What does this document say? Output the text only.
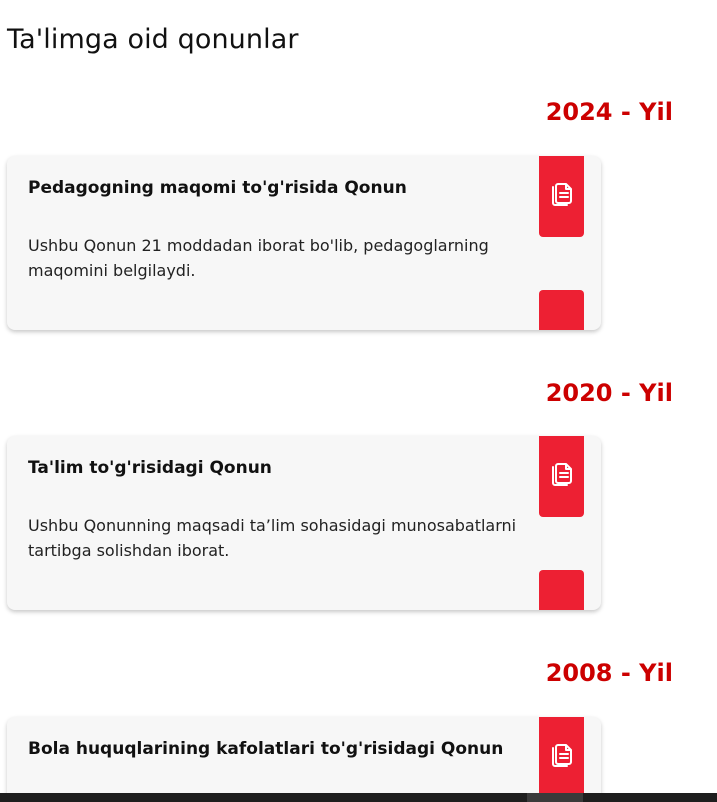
Ta'limga oid qonunlar
2024 - Yil
Pedagogning maqomi to'g'risida Qonun
Ushbu Qonun 21 moddadan iborat bo'lib, pedagoglarning maqomini belgilaydi.
2020 - Yil
Ta'lim to'g'risidagi Qonun
Ushbu Qonunning maqsadi ta’lim sohasidagi munosabatlarni tartibga solishdan iborat.
2008 - Yil
Bola huquqlarining kafolatlari to'g'risidagi Qonun
